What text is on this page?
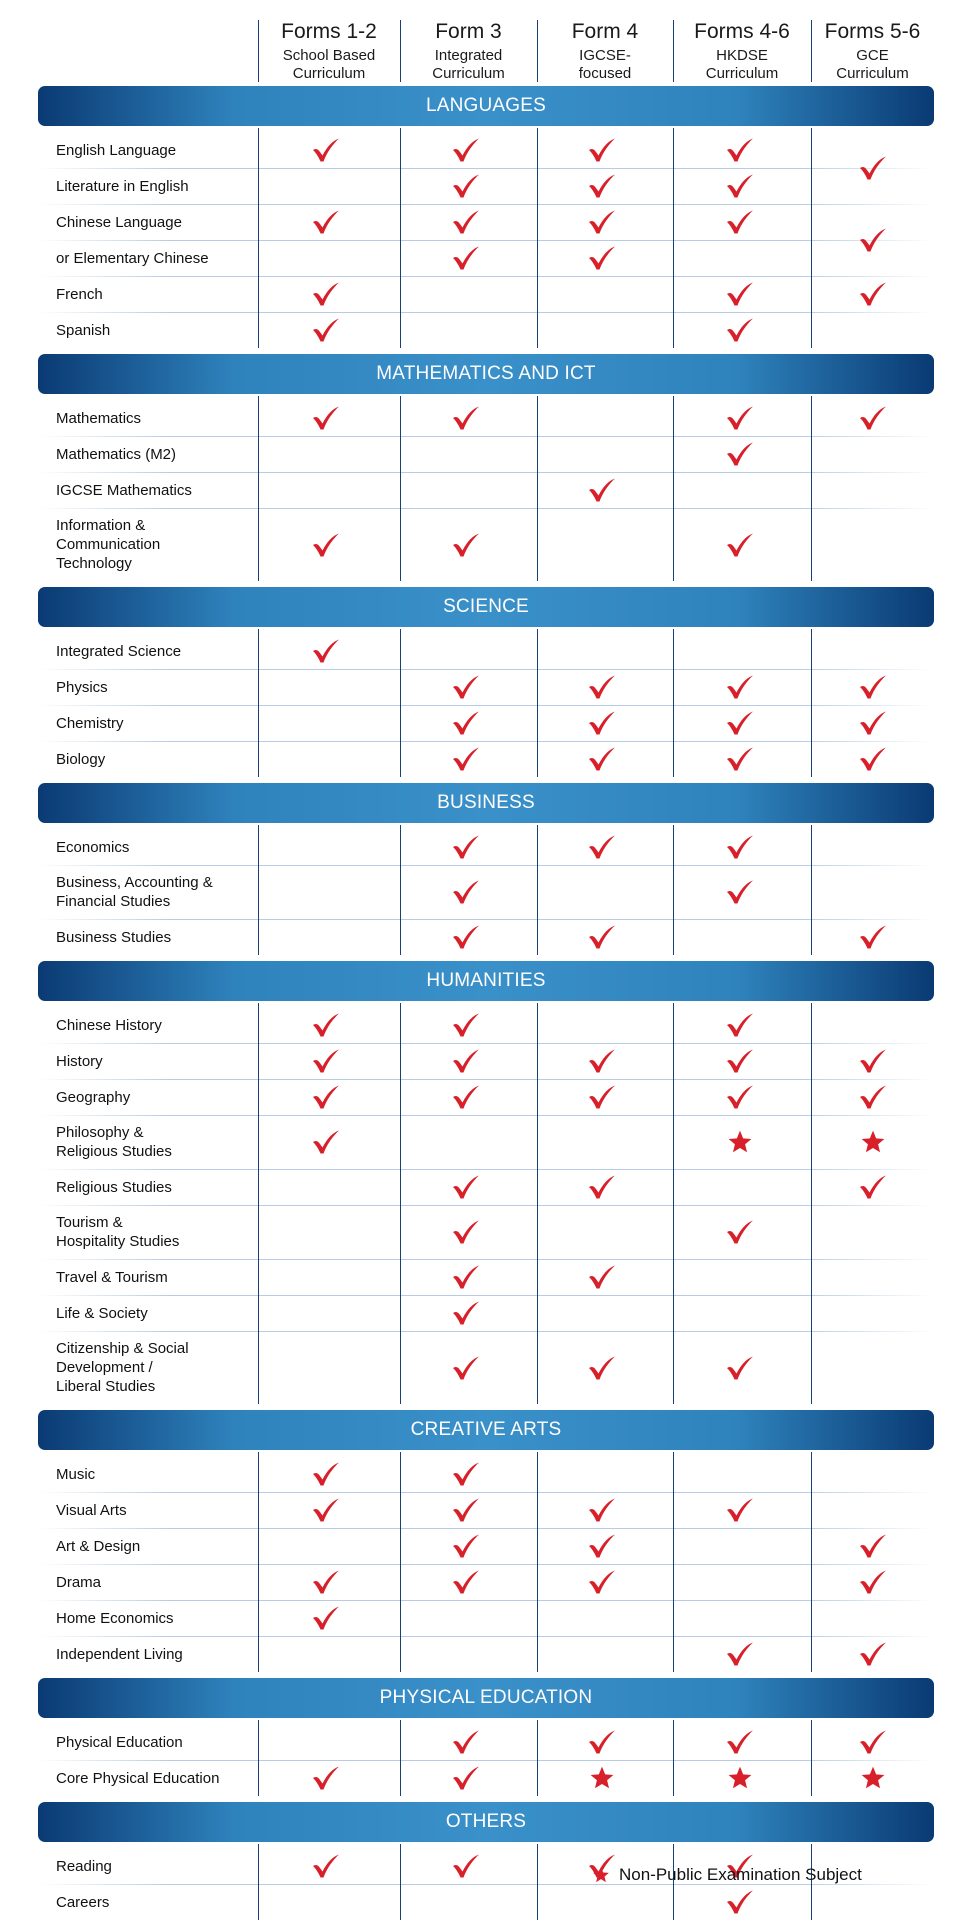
Forms 1-2
School Based
Curriculum
Form 3
Integrated
Curriculum
Form 4
IGCSE-
focused
Forms 4-6
HKDSE
Curriculum
Forms 5-6
GCE
Curriculum
LANGUAGES
English Language
Literature in English
Chinese Language
or Elementary Chinese
French
Spanish
MATHEMATICS AND ICT
Mathematics
Mathematics (M2)
IGCSE Mathematics
Information &
Communication
Technology
SCIENCE
Integrated Science
Physics
Chemistry
Biology
BUSINESS
Economics
Business, Accounting &
Financial Studies
Business Studies
HUMANITIES
Chinese History
History
Geography
Philosophy &
Religious Studies
Religious Studies
Tourism &
Hospitality Studies
Travel & Tourism
Life & Society
Citizenship & Social
Development /
Liberal Studies
CREATIVE ARTS
Music
Visual Arts
Art & Design
Drama
Home Economics
Independent Living
PHYSICAL EDUCATION
Physical Education
Core Physical Education
OTHERS
Reading
Careers
Non-Public Examination Subject
